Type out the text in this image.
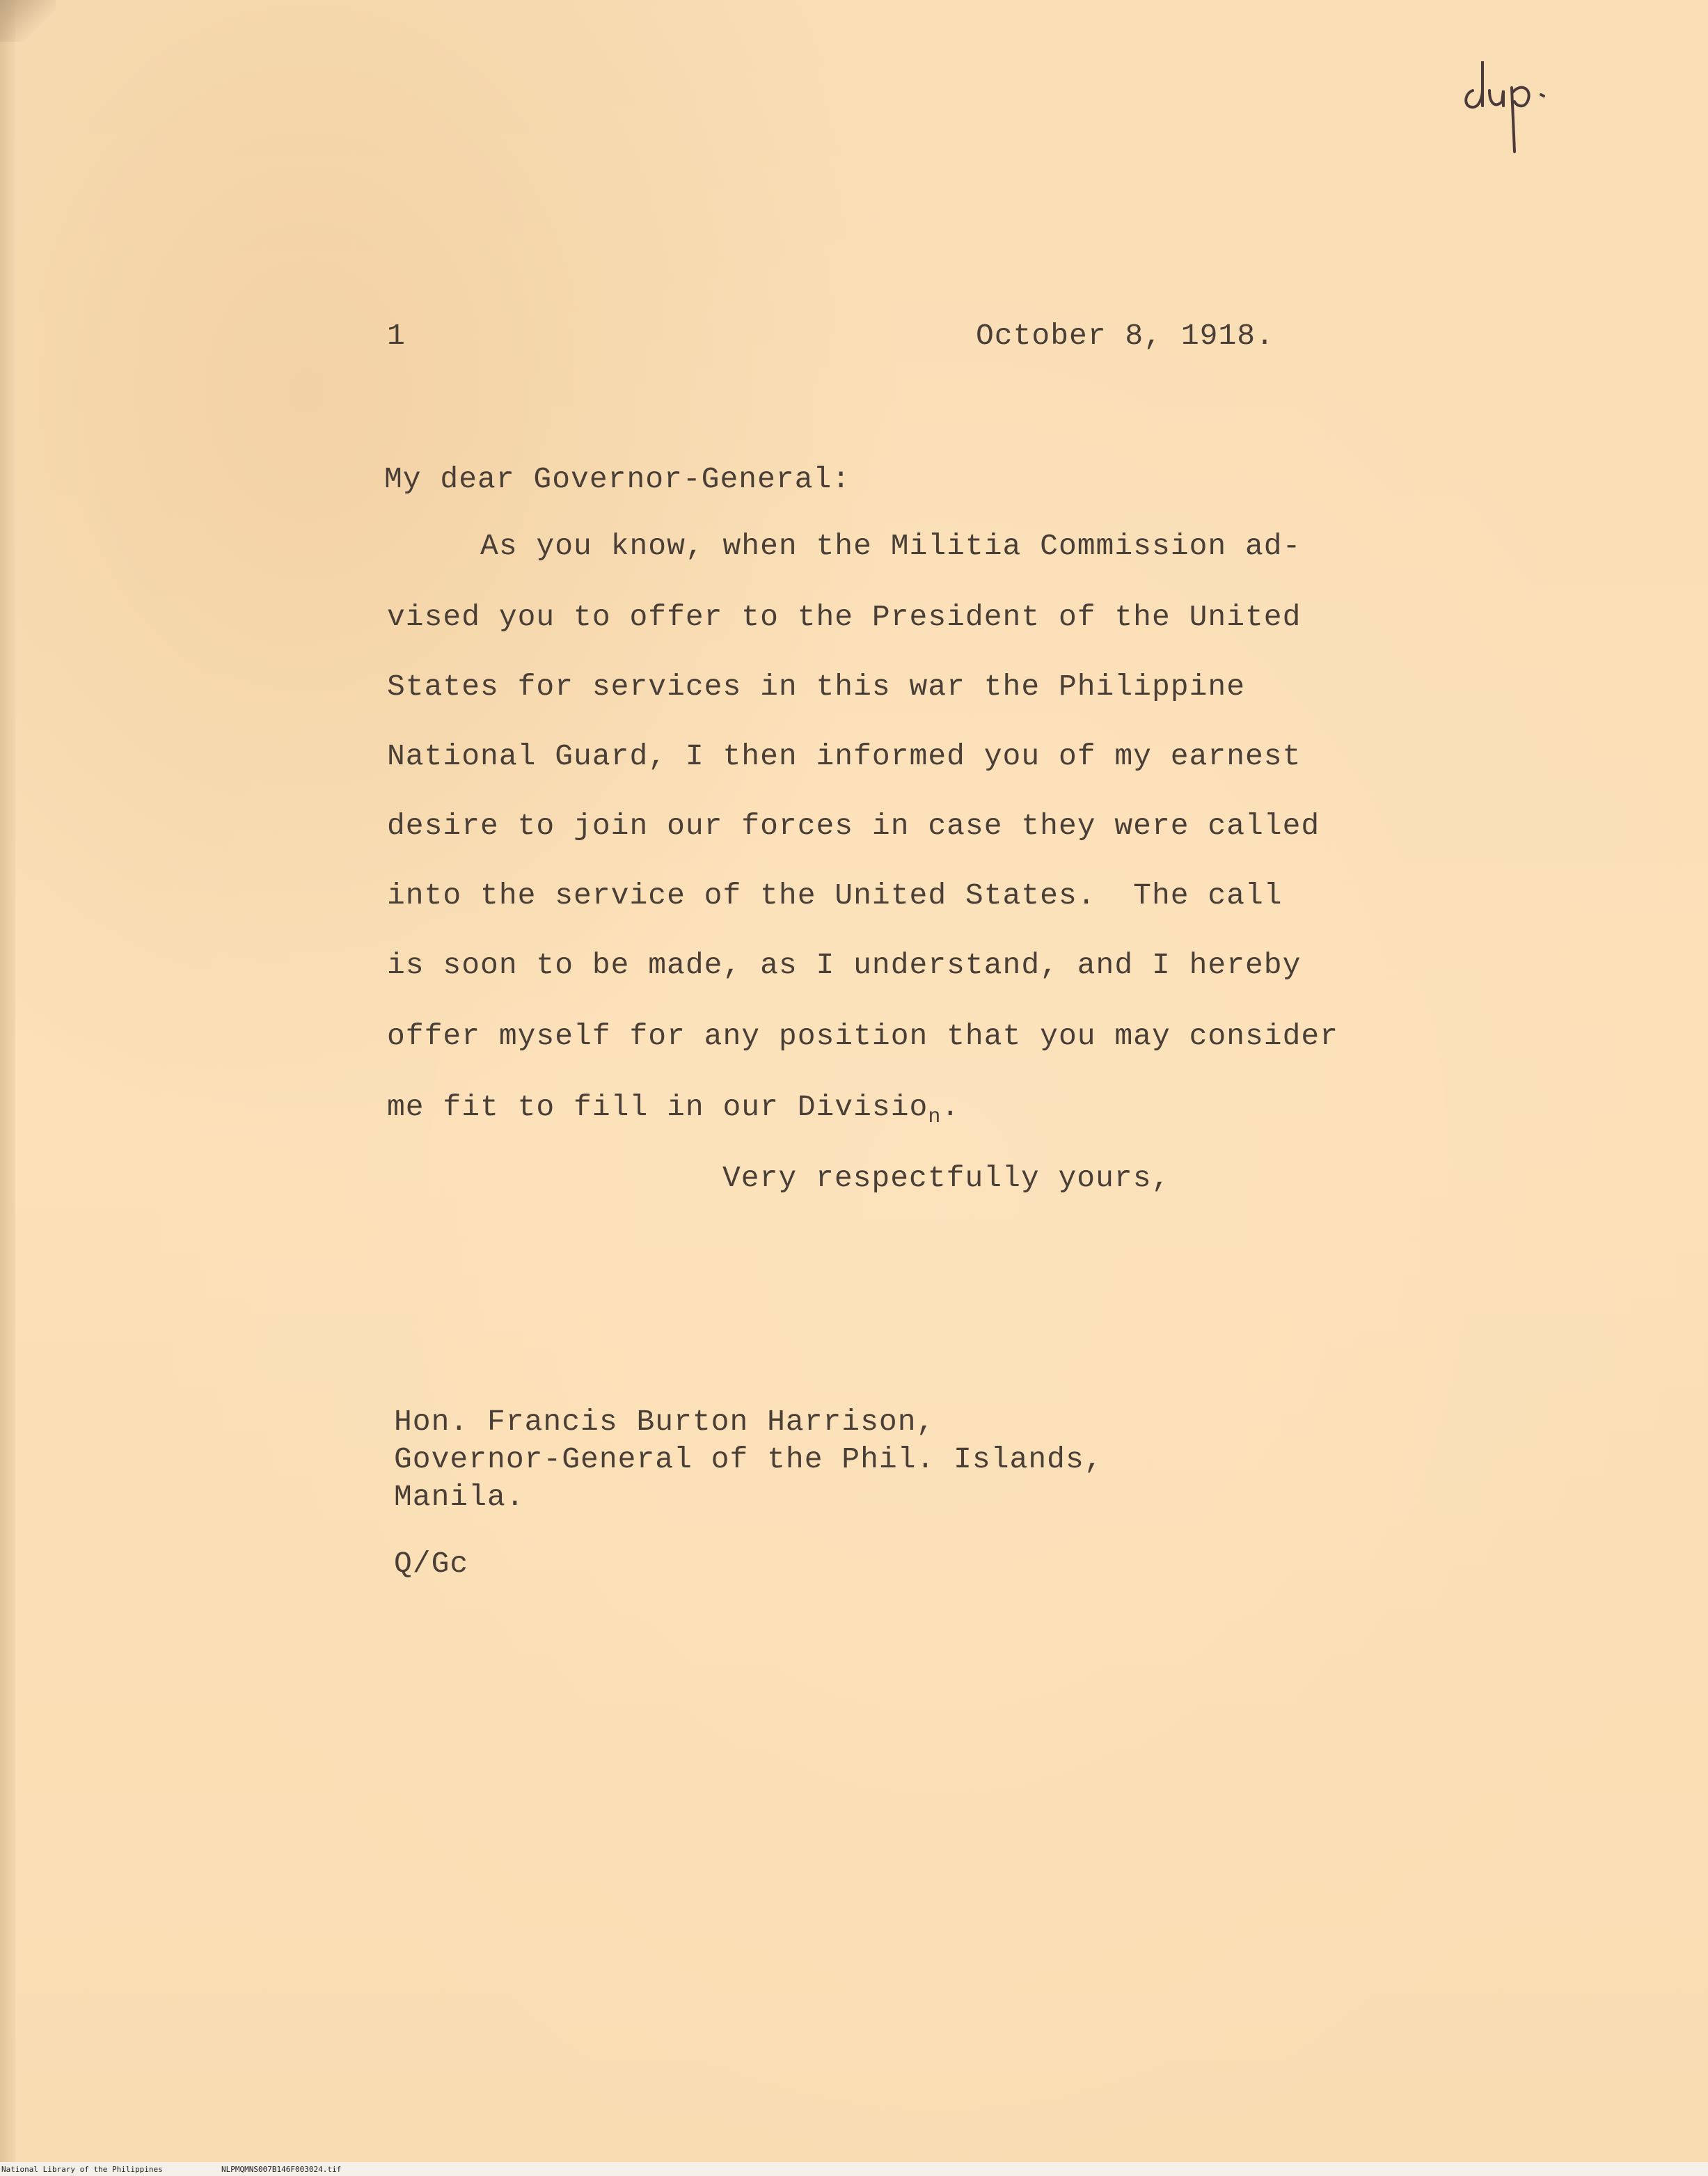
1	October 8, 1918.
My dear Governor-General:
As you know, when the Militia Commission ad-
vised you to offer to the President of the United
States for services in this war the Philippine
National Guard, I then informed you of my earnest
desire to join our forces in case they were called
into the service of the United States.  The call
is soon to be made, as I understand, and I hereby
offer myself for any position that you may consider
me fit to fill in our Divisio$_n$.
Very respectfully yours,
Hon. Francis Burton Harrison,
Governor-General of the Phil. Islands,
Manila.
Q/Gc
National Library of the Philippines	NLPMQMNS007B146F003024.tif
